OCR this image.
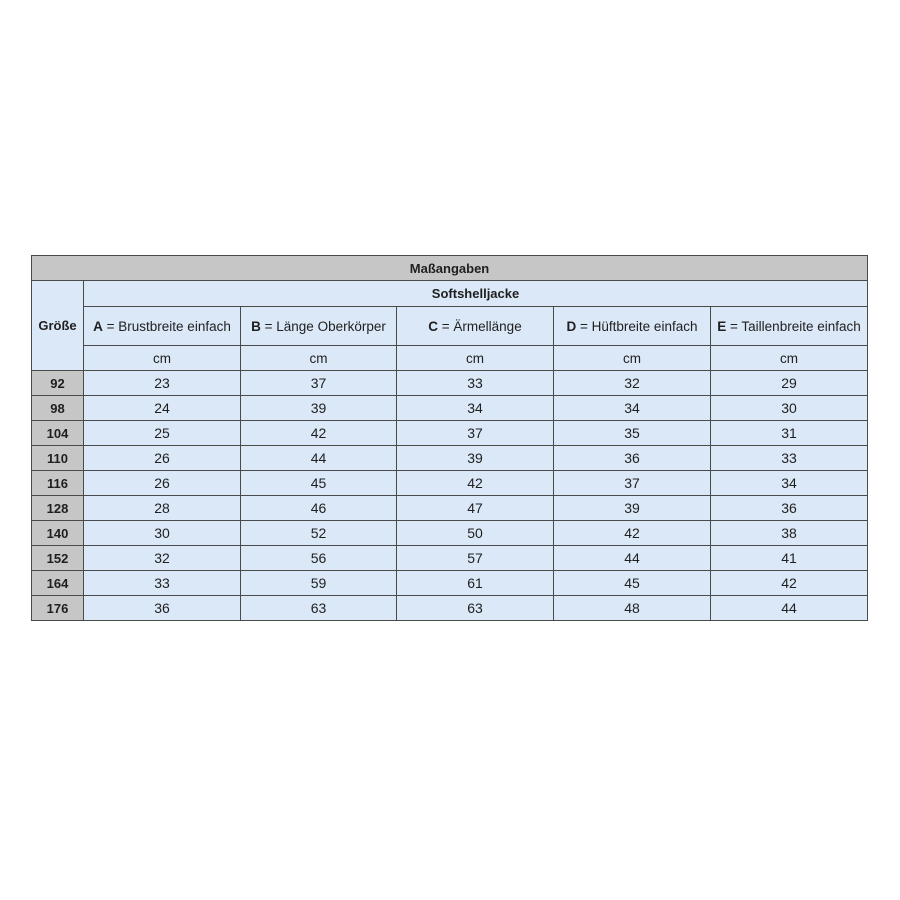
Maßangaben					
Größe	Softshelljacke				
	A = Brustbreite einfach	B = Länge Oberkörper	C = Ärmellänge	D = Hüftbreite einfach	E = Taillenbreite einfach
	cm	cm	cm	cm	cm
92	23	37	33	32	29
98	24	39	34	34	30
104	25	42	37	35	31
110	26	44	39	36	33
116	26	45	42	37	34
128	28	46	47	39	36
140	30	52	50	42	38
152	32	56	57	44	41
164	33	59	61	45	42
176	36	63	63	48	44
